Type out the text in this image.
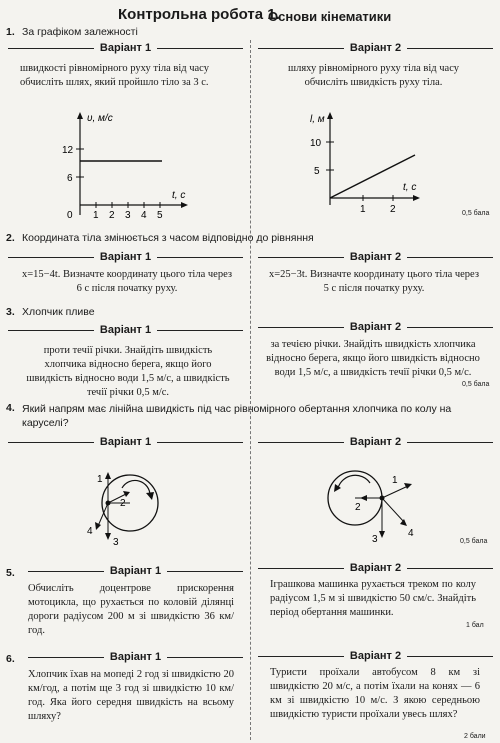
Контрольна робота 1.
Основи кінематики
1. За графіком залежності
Варіант 1	Варіант 2
швидкості рівномірного руху тіла від часу обчисліть шлях, який пройшло тіло за 3 с.
шляху рівномірного руху тіла від часу обчисліть швидкість руху тіла.
υ, м/с
t, с
12
6
0 1 2 3 4 5
l, м
t, с
10
5
1 2	0,5 бала
2. Координата тіла змінюється з часом відповідно до рівняння
Варіант 1	Варіант 2
x=15−4t. Визначте координату цього тіла через 6 с після початку руху.
x=25−3t. Визначте координату цього тіла через 5 с після початку руху.
3. Хлопчик пливе
Варіант 1	Варіант 2
проти течії річки. Знайдіть швидкість хлопчика відносно берега, якщо його швидкість відносно води 1,5 м/с, а швидкість течії річки 0,5 м/с.
за течією річки. Знайдіть швидкість хлопчика відносно берега, якщо його швидкість відносно води 1,5 м/с, а швидкість течії річки 0,5 м/с.
0,5 бала
4. Який напрям має лінійна швидкість під час рівномірного обертання хлопчика по колу на каруселі?
Варіант 1	Варіант 2
1
2
3
4
1
2
3
4
0,5 бала
5.	Варіант 1	Варіант 2
Обчисліть доцентрове прискорення мотоцикла, що рухається по коловій ділянці дороги радіусом 200 м зі швидкістю 36 км/год.
Іграшкова машинка рухається треком по колу радіусом 1,5 м зі швидкістю 50 см/с. Знайдіть період обертання машинки.
1 бал
6.	Варіант 1	Варіант 2
Хлопчик їхав на мопеді 2 год зі швидкістю 20 км/год, а потім ще 3 год зі швидкістю 10 км/год. Яка його середня швидкість на всьому шляху?
Туристи проїхали автобусом 8 км зі швидкістю 20 м/с, а потім їхали на конях — 6 км зі швидкістю 10 м/с. З якою середньою швидкістю туристи проїхали увесь шлях?
2 бали
